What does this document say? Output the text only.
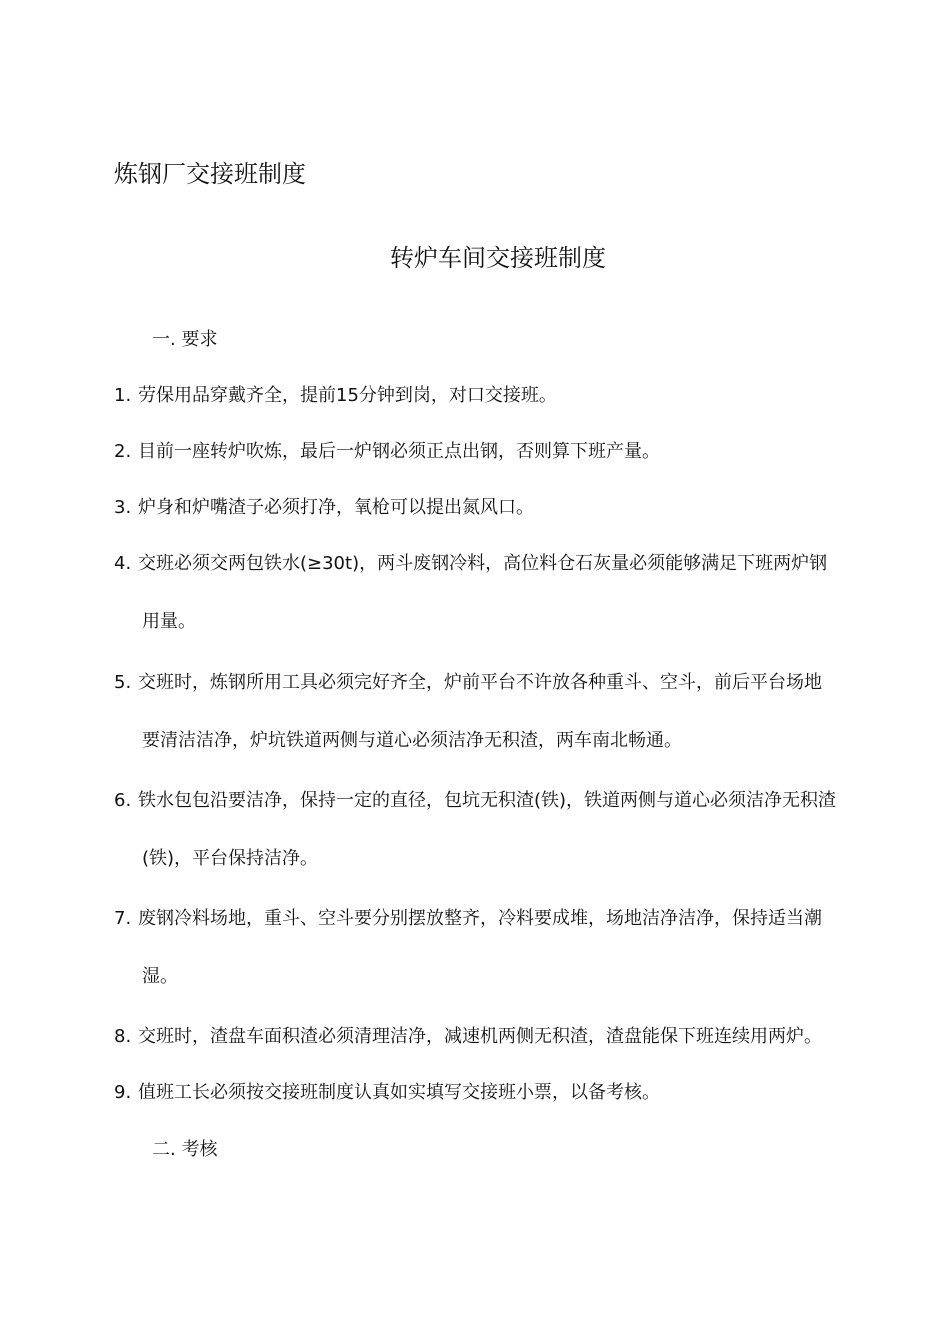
炼钢厂交接班制度
转炉车间交接班制度
一. 要求
1. 劳保用品穿戴齐全，提前15分钟到岗，对口交接班。
2. 目前一座转炉吹炼，最后一炉钢必须正点出钢，否则算下班产量。
3. 炉身和炉嘴渣子必须打净，氧枪可以提出氮风口。
4. 交班必须交两包铁水(≥30t)，两斗废钢冷料，高位料仓石灰量必须能够满足下班两炉钢
用量。
5. 交班时，炼钢所用工具必须完好齐全，炉前平台不许放各种重斗、空斗，前后平台场地
要清洁洁净，炉坑铁道两侧与道心必须洁净无积渣，两车南北畅通。
6. 铁水包包沿要洁净，保持一定的直径，包坑无积渣(铁)，铁道两侧与道心必须洁净无积渣
(铁)，平台保持洁净。
7. 废钢冷料场地，重斗、空斗要分别摆放整齐，冷料要成堆，场地洁净洁净，保持适当潮
湿。
8. 交班时，渣盘车面积渣必须清理洁净，减速机两侧无积渣，渣盘能保下班连续用两炉。
9. 值班工长必须按交接班制度认真如实填写交接班小票，以备考核。
二. 考核
